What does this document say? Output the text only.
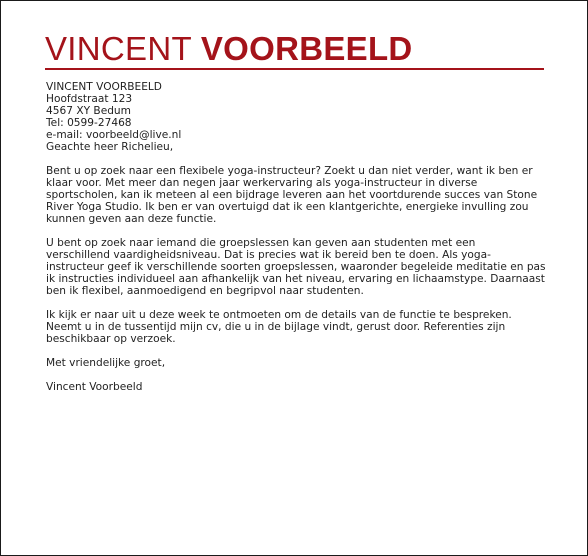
VINCENT VOORBEELD
VINCENT VOORBEELD
Hoofdstraat 123
4567 XY Bedum
Tel: 0599-27468
e-mail: voorbeeld@live.nl
Geachte heer Richelieu,
Bent u op zoek naar een flexibele yoga-instructeur? Zoekt u dan niet verder, want ik ben er
klaar voor. Met meer dan negen jaar werkervaring als yoga-instructeur in diverse
sportscholen, kan ik meteen al een bijdrage leveren aan het voortdurende succes van Stone
River Yoga Studio. Ik ben er van overtuigd dat ik een klantgerichte, energieke invulling zou
kunnen geven aan deze functie.
U bent op zoek naar iemand die groepslessen kan geven aan studenten met een
verschillend vaardigheidsniveau. Dat is precies wat ik bereid ben te doen. Als yoga-
instructeur geef ik verschillende soorten groepslessen, waaronder begeleide meditatie en pas
ik instructies individueel aan afhankelijk van het niveau, ervaring en lichaamstype. Daarnaast
ben ik flexibel, aanmoedigend en begripvol naar studenten.
Ik kijk er naar uit u deze week te ontmoeten om de details van de functie te bespreken.
Neemt u in de tussentijd mijn cv, die u in de bijlage vindt, gerust door. Referenties zijn
beschikbaar op verzoek.
Met vriendelijke groet,
Vincent Voorbeeld
